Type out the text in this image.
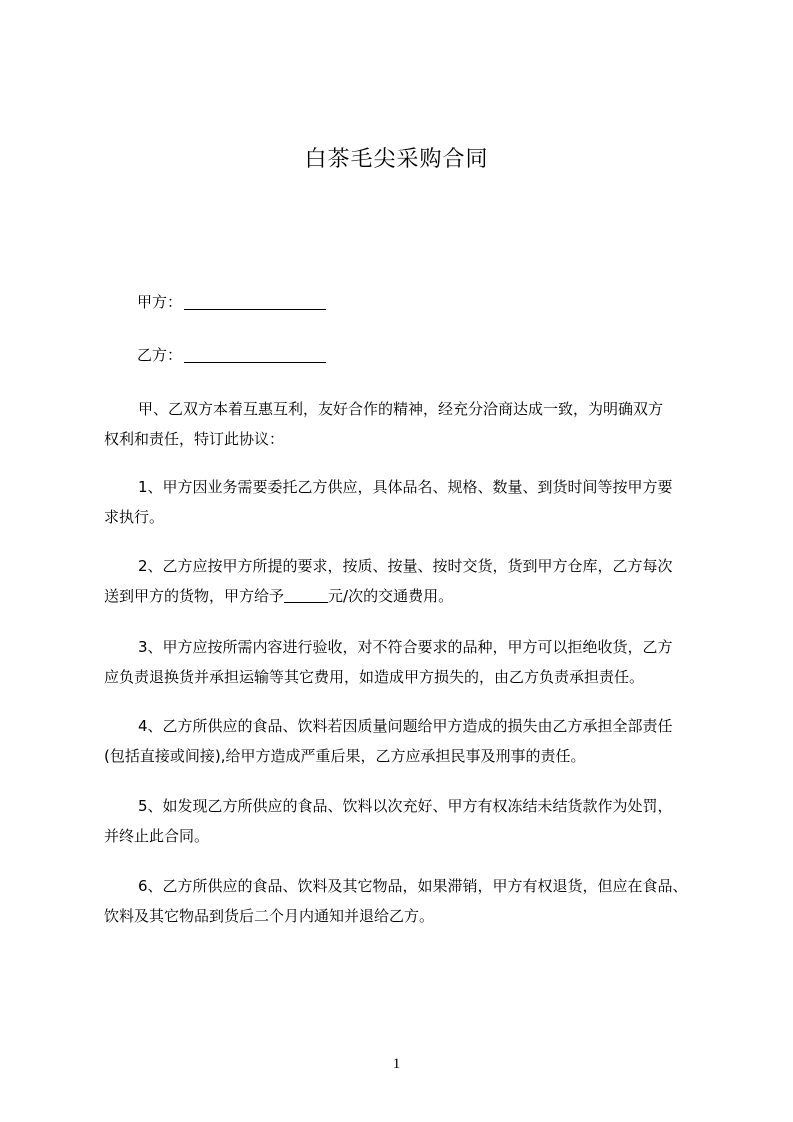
白茶毛尖采购合同
甲方：
乙方：

甲、乙双方本着互惠互利，友好合作的精神，经充分洽商达成一致，为明确双方

权利和责任，特订此协议：

1、甲方因业务需要委托乙方供应，具体品名、规格、数量、到货时间等按甲方要

求执行。

2、乙方应按甲方所提的要求，按质、按量、按时交货，货到甲方仓库，乙方每次

送到甲方的货物，甲方给予	元/次的交通费用。

3、甲方应按所需内容进行验收，对不符合要求的品种，甲方可以拒绝收货，乙方

应负责退换货并承担运输等其它费用，如造成甲方损失的，由乙方负责承担责任。

4、乙方所供应的食品、饮料若因质量问题给甲方造成的损失由乙方承担全部责任

(包括直接或间接),给甲方造成严重后果，乙方应承担民事及刑事的责任。

5、如发现乙方所供应的食品、饮料以次充好、甲方有权冻结未结货款作为处罚，

并终止此合同。

6、乙方所供应的食品、饮料及其它物品，如果滞销，甲方有权退货，但应在食品、

饮料及其它物品到货后二个月内通知并退给乙方。

1
